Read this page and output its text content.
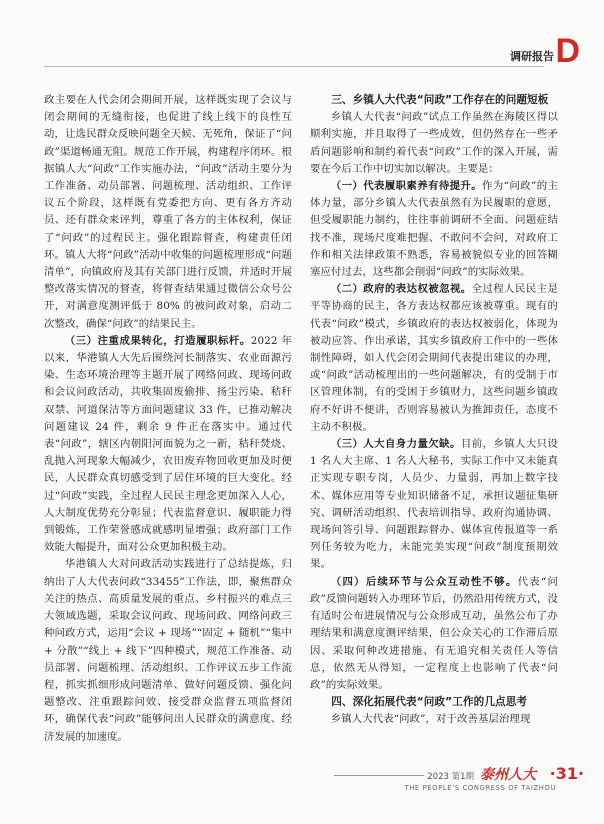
调研报告 D

政主要在人代会闭会期间开展，这样既实现了会议与闭会期间的无缝衔接，也促进了线上线下的良性互动，让选民群众反映问题全天候、无死角，保证了“问政”渠道畅通无阻。规范工作开展，构建程序闭环。根据镇人大“问政”工作实施办法，“问政”活动主要分为工作准备、动员部署、问题梳理、活动组织、工作评议五个阶段，这样既有党委把方向、更有各方齐动员、还有群众来评判，尊重了各方的主体权利，保证了“问政”的过程民主。强化跟踪督查，构建责任闭环。镇人大将“问政”活动中收集的问题梳理形成“问题清单”，向镇政府及其有关部门进行反馈，并适时开展整改落实情况的督查，将督查结果通过微信公众号公开，对满意度测评低于 80% 的被问政对象，启动二次整改，确保“问政”的结果民主。

（三）注重成果转化，打造履职标杆。2022 年以来，华港镇人大先后围绕河长制落实、农业面源污染、生态环境治理等主题开展了网络问政、现场问政和会议问政活动，共收集固废偷排、扬尘污染、秸秆双禁、河道保洁等方面问题建议 33 件，已推动解决问题建议 24 件，剩余 9 件正在落实中。通过代表“问政”，辖区内朝阳河面貌为之一新，秸秆焚烧、乱抛入河现象大幅减少，农田废弃物回收更加及时便民，人民群众真切感受到了居住环境的巨大变化。经过“问政”实践，全过程人民民主理念更加深入人心，人大制度优势充分彰显；代表监督意识、履职能力得到锻炼，工作荣誉感成就感明显增强；政府部门工作效能大幅提升，面对公众更加积极主动。

华港镇人大对问政活动实践进行了总结提炼，归纳出了人大代表问政“33455”工作法，即，聚焦群众关注的热点、高质量发展的重点、乡村振兴的难点三大领域选题，采取会议问政、现场问政、网络问政三种问政方式，运用“会议 + 现场”“固定 + 随机”“集中 + 分散”“线上 + 线下”四种模式，规范工作准备、动员部署、问题梳理、活动组织、工作评议五步工作流程，抓实抓细形成问题清单、做好问题反馈、强化问题整改、注重跟踪问效、接受群众监督五项监督闭环，确保代表“问政”能够问出人民群众的满意度、经济发展的加速度。

三、乡镇人大代表“问政”工作存在的问题短板

乡镇人大代表“问政”试点工作虽然在海陵区得以顺利实施，并且取得了一些成效，但仍然存在一些矛盾问题影响和制约着代表“问政”工作的深入开展，需要在今后工作中切实加以解决。主要是：

（一）代表履职素养有待提升。作为“问政”的主体力量，部分乡镇人大代表虽然有为民履职的意愿，但受履职能力制约，往往事前调研不全面、问题症结找不准，现场尺度难把握、不敢问不会问，对政府工作和相关法律政策不熟悉，容易被貌似专业的回答糊塞应付过去，这些都会削弱“问政”的实际效果。

（二）政府的表达权被忽视。全过程人民民主是平等协商的民主，各方表达权都应该被尊重。现有的代表“问政”模式，乡镇政府的表达权被弱化，体现为被动应答、作出承诺，其实乡镇政府工作中的一些体制性障碍，如人代会闭会期间代表提出建议的办理，或“问政”活动梳理出的一些问题解决，有的受制于市区管理体制，有的受困于乡镇财力，这些问题乡镇政府不好讲不便讲，否则容易被认为推卸责任，态度不主动不积极。

（三）人大自身力量欠缺。目前，乡镇人大只设 1 名人大主席、1 名人大秘书，实际工作中又未能真正实现专职专岗，人员少、力量弱，再加上数字技术、媒体应用等专业知识储备不足，承担议题征集研究、调研活动组织、代表培训指导、政府沟通协调、现场问答引导、问题跟踪督办、媒体宣传报道等一系列任务较为吃力，未能完美实现“问政”制度预期效果。

（四）后续环节与公众互动性不够。代表“问政”反馈问题转入办理环节后，仍然沿用传统方式，没有适时公布进展情况与公众形成互动，虽然公布了办理结果和满意度测评结果，但公众关心的工作滞后原因、采取何种改进措施、有无追究相关责任人等信息，依然无从得知，一定程度上也影响了代表“问政”的实际效果。

四、深化拓展代表“问政”工作的几点思考

乡镇人大代表“问政”，对于改善基层治理现

2023 第1期 泰州人大 ·31·
THE PEOPLE’S CONGRESS OF TAIZHOU
